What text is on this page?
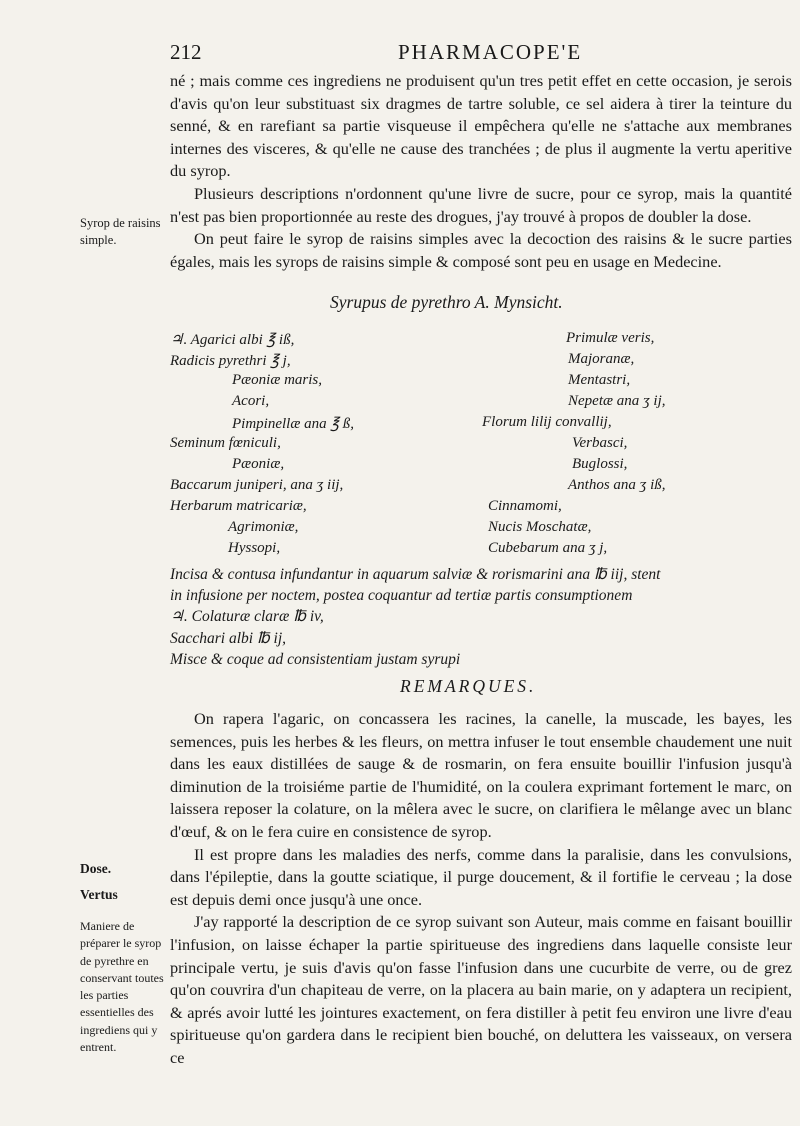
212	PHARMACOPE'E

né ; mais comme ces ingrediens ne produisent qu'un tres petit effet en cette occasion, je serois d'avis qu'on leur substituast six dragmes de tartre soluble, ce sel aidera à tirer la teinture du senné, & en rarefiant sa partie visqueuse il empêchera qu'elle ne s'attache aux membranes internes des visceres, & qu'elle ne cause des tranchées ; de plus il augmente la vertu aperitive du syrop.

Plusieurs descriptions n'ordonnent qu'une livre de sucre, pour ce syrop, mais la quantité n'est pas bien proportionnée au reste des drogues, j'ay trouvé à propos de doubler la dose.

On peut faire le syrop de raisins simples avec la decoction des raisins & le sucre parties égales, mais les syrops de raisins simple & composé sont peu en usage en Medecine.

Syrop de raisins simple.
Syrupus de pyrethro A. Mynsicht.
♃. Agarici albi ℥ iß,
Radicis pyrethri ℥ j,
Pæoniæ maris,
Acori,
Pimpinellæ ana ℥ ß,
Seminum fœniculi,
Pæoniæ,
Baccarum juniperi, ana ʒ iij,
Herbarum matricariæ,
Agrimoniæ,
Hyssopi,
Primulæ veris,
Majoranæ,
Mentastri,
Nepetæ ana ʒ ij,
Florum lilij convallij,
Verbasci,
Buglossi,
Anthos ana ʒ iß,
Cinnamomi,
Nucis Moschatæ,
Cubebarum ana ʒ j,
Incisa & contusa infundantur in aquarum salviæ & rorismarini ana ℔ iij, stent
in infusione per noctem, postea coquantur ad tertiæ partis consumptionem
♃. Colaturæ claræ ℔ iv,
Sacchari albi ℔ ij,
Misce & coque ad consistentiam justam syrupi
REMARQUES.

On rapera l'agaric, on concassera les racines, la canelle, la muscade, les bayes, les semences, puis les herbes & les fleurs, on mettra infuser le tout ensemble chaudement une nuit dans les eaux distillées de sauge & de rosmarin, on fera ensuite bouillir l'infusion jusqu'à diminution de la troisiéme partie de l'humidité, on la coulera exprimant fortement le marc, on laissera reposer la colature, on la mêlera avec le sucre, on clarifiera le mêlange avec un blanc d'œuf, & on le fera cuire en consistence de syrop.

Il est propre dans les maladies des nerfs, comme dans la paralisie, dans les convulsions, dans l'épileptie, dans la goutte sciatique, il purge doucement, & il fortifie le cerveau ; la dose est depuis demi once jusqu'à une once.

J'ay rapporté la description de ce syrop suivant son Auteur, mais comme en faisant bouillir l'infusion, on laisse échaper la partie spiritueuse des ingrediens dans laquelle consiste leur principale vertu, je suis d'avis qu'on fasse l'infusion dans une cucurbite de verre, ou de grez qu'on couvrira d'un chapiteau de verre, on la placera au bain marie, on y adaptera un recipient, & aprés avoir lutté les jointures exactement, on fera distiller à petit feu environ une livre d'eau spiritueuse qu'on gardera dans le recipient bien bouché, on deluttera les vaisseaux, on versera ce

Dose.
Vertus
Maniere de préparer le syrop de pyrethre en conservant toutes les parties essentielles des ingrediens qui y entrent.
